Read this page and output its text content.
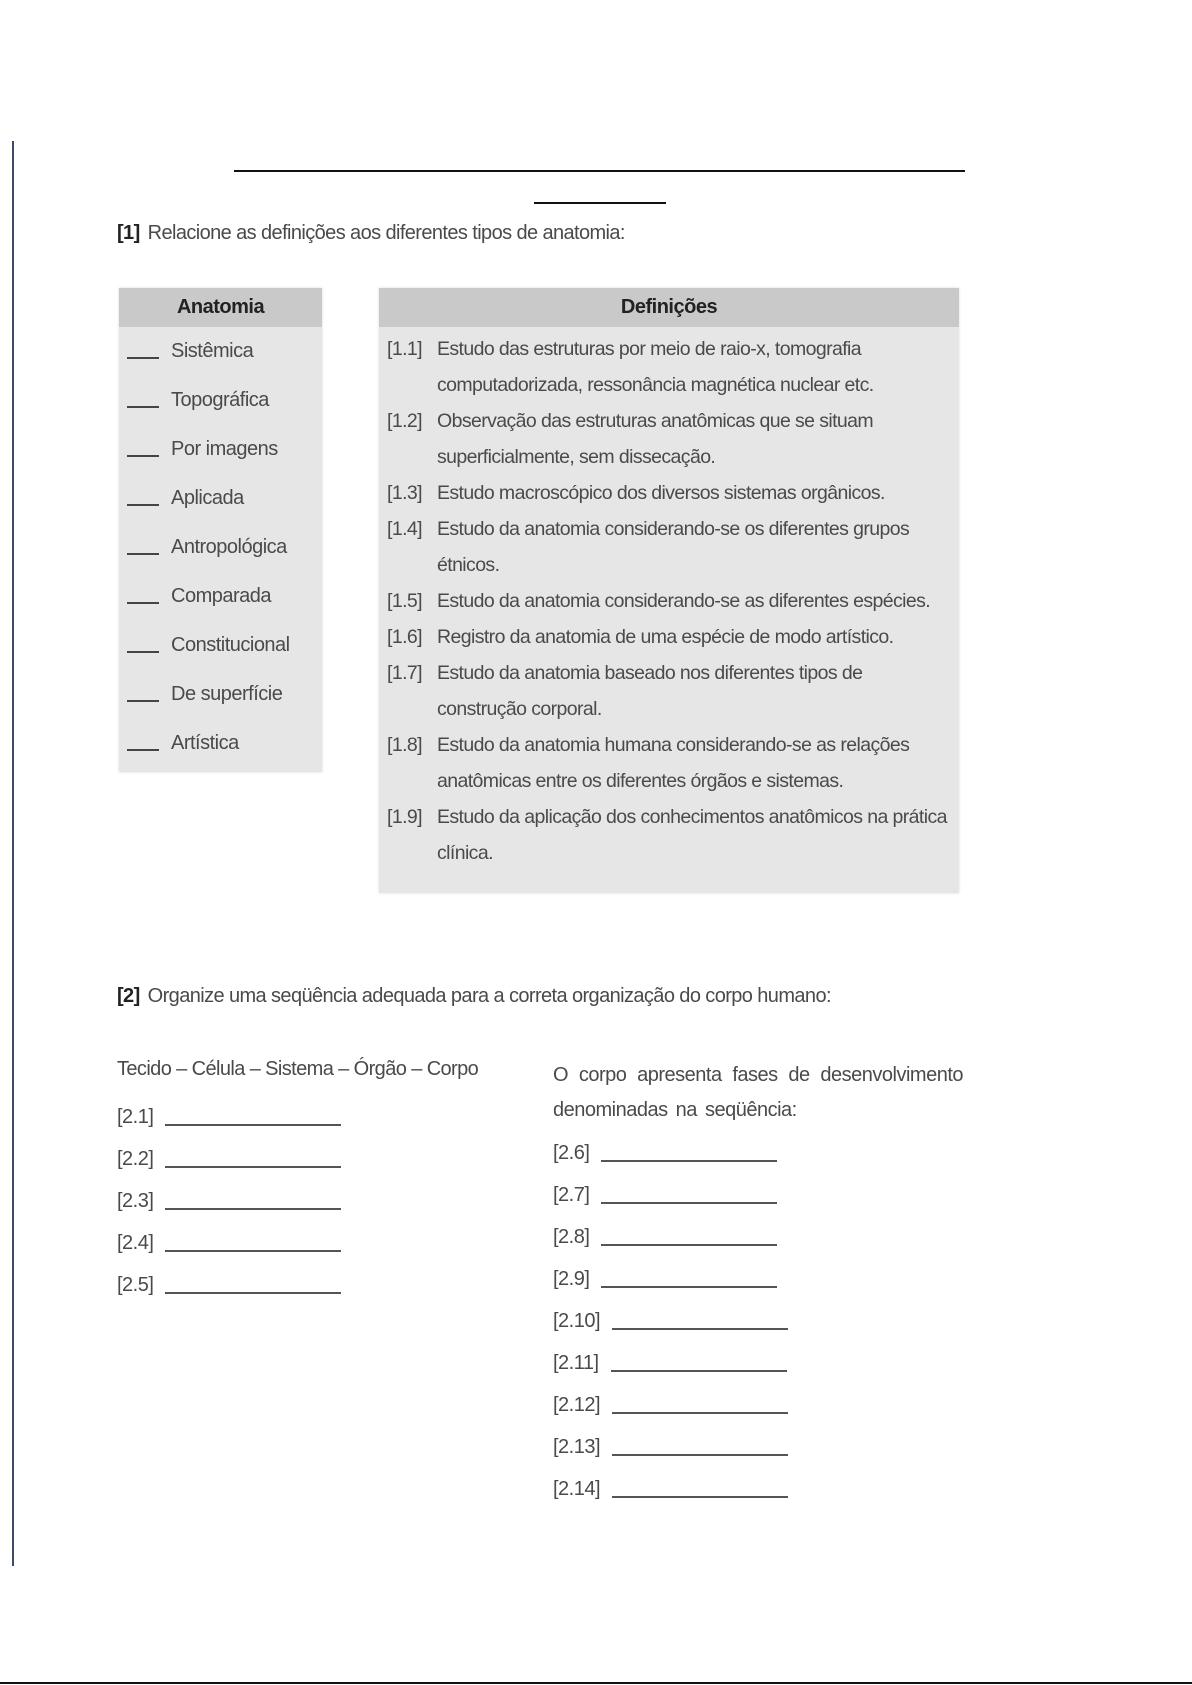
[1] Relacione as definições aos diferentes tipos de anatomia:
Anatomia
Sistêmica
Topográfica
Por imagens
Aplicada
Antropológica
Comparada
Constitucional
De superfície
Artística
Definições
[1.1] Estudo das estruturas por meio de raio-x, tomografia computadorizada, ressonância magnética nuclear etc.
[1.2] Observação das estruturas anatômicas que se situam superficialmente, sem dissecação.
[1.3] Estudo macroscópico dos diversos sistemas orgânicos.
[1.4] Estudo da anatomia considerando-se os diferentes grupos étnicos.
[1.5] Estudo da anatomia considerando-se as diferentes espécies.
[1.6] Registro da anatomia de uma espécie de modo artístico.
[1.7] Estudo da anatomia baseado nos diferentes tipos de construção corporal.
[1.8] Estudo da anatomia humana considerando-se as relações anatômicas entre os diferentes órgãos e sistemas.
[1.9] Estudo da aplicação dos conhecimentos anatômicos na prática clínica.
[2] Organize uma seqüência adequada para a correta organização do corpo humano:
Tecido – Célula – Sistema – Órgão – Corpo
[2.1]
[2.2]
[2.3]
[2.4]
[2.5]
O corpo apresenta fases de desenvolvimento denominadas na seqüência:
[2.6]
[2.7]
[2.8]
[2.9]
[2.10]
[2.11]
[2.12]
[2.13]
[2.14]
